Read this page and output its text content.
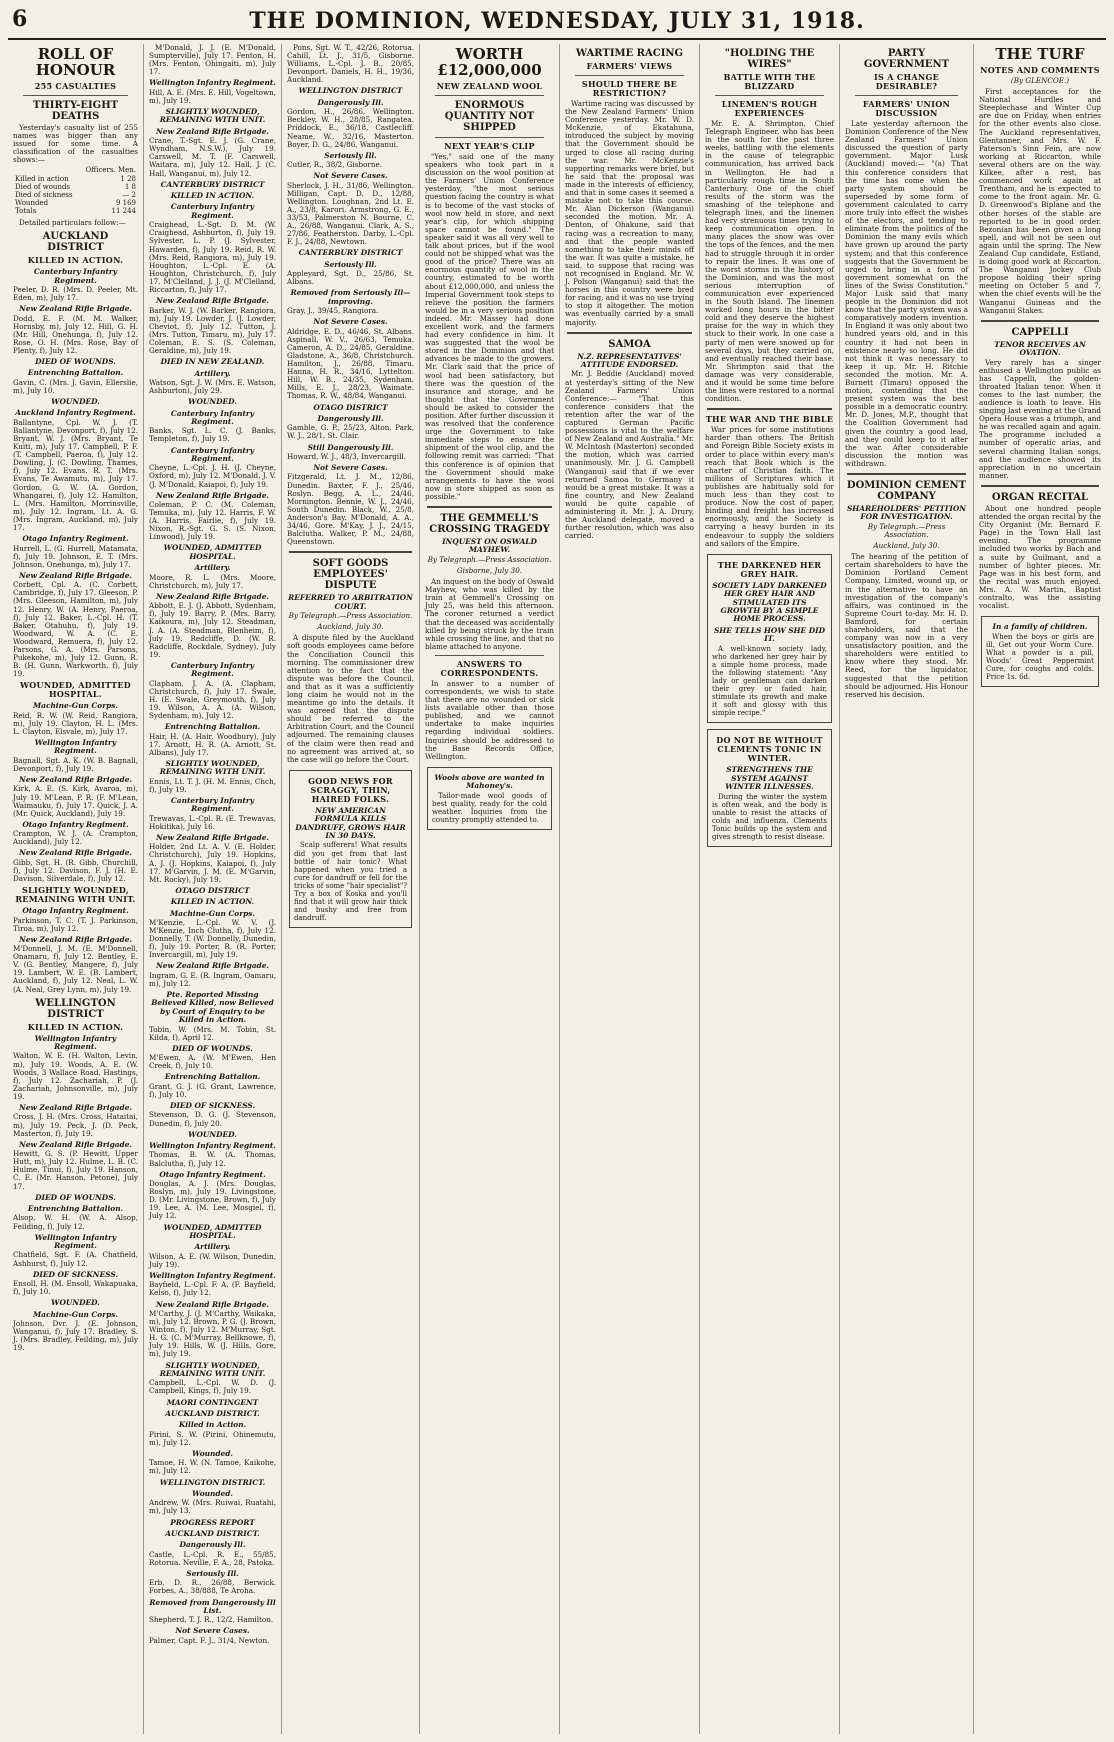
6	THE DOMINION, WEDNESDAY, JULY 31, 1918.
ROLL OF HONOUR
255 CASUALTIES
THIRTY-EIGHT DEATHS

Yesterday's casualty list of 255 names was bigger than any issued for some time. A classification of the casualties shows:—

	Officers. Men.
Killed in action	1 28
Died of wounds	1 8
Died of sickness	— 2
Wounded	9 169
Totals	11 244

Detailed particulars follow:—

AUCKLAND DISTRICT
KILLED IN ACTION.
Canterbury Infantry Regiment.

Peeler, D. R. (Mrs. D. Peeler, Mt. Eden, m), July 17.

New Zealand Rifle Brigade.

Dodd, E. F. (M. M. Walker, Hornsby, m), July 12. Hill, G. H. (Mr. Hill, Onehunga, f), July 12. Rose, O. H. (Mrs. Rose, Bay of Plenty, f), July 12.

DIED OF WOUNDS.
Entrenching Battalion.

Gavin, C. (Mrs. J. Gavin, Ellerslie, m), July 10.

WOUNDED.
Auckland Infantry Regiment.

Ballantyne, Cpl. W. J. (T. Ballantyne, Devonport, f), July 12. Bryant, W. J. (Mrs. Bryant, Te Kuiti, m), July 17. Campbell, P. F. (T. Campbell, Paeroa, f), July 12. Dowling, J. (C. Dowling, Thames, f), July 12. Evans, R. T. (Mrs. Evans, Te Awamutu, m), July 17. Gordon, G. W. (A. Gordon, Whangarei, f), July 12. Hamilton, L. (Mrs. Hamilton, Morrinsville, m), July 12. Ingram, Lt. A. G. (Mrs. Ingram, Auckland, m), July 17.

Otago Infantry Regiment.

Hurrell, L. (G. Hurrell, Matamata, f), July 19. Johnson, E. T. (Mrs. Johnson, Onehunga, m), July 17.

New Zealand Rifle Brigade.

Corbett, Cpl. A. (C. Corbett, Cambridge, f), July 17. Gleeson, P. (Mrs. Gleeson, Hamilton, m), July 12. Henry, W. (A. Henry, Paeroa, f), July 12. Baker, L.-Cpl. H. (T. Baker, Otahuhu, f), July 19. Woodward, W. A. (C. E. Woodward, Remuera, f), July 12. Parsons, G. A. (Mrs. Parsons, Pukekohe, m), July 12. Gunn, R. B. (H. Gunn, Warkworth, f), July 19.

WOUNDED, ADMITTED HOSPITAL.
Machine-Gun Corps.

Reid, R. W. (W. Reid, Rangiora, m), July 19. Clayton, H. L. (Mrs. L. Clayton, Elsvale, m), July 17.

Wellington Infantry Regiment.

Bagnall, Sgt. A. K. (W. B. Bagnall, Devonport, f), July 19.

New Zealand Rifle Brigade.

Kirk, A. E. (S. Kirk, Avaroa, m), July 19. M'Lean, P. R. (F. M'Lean, Waimauku, f), July 17. Quick, J. A. (Mr. Quick, Auckland), July 19.

Otago Infantry Regiment.

Crampton, W. J. (A. Crampton, Auckland), July 12.

New Zealand Rifle Brigade.

Gibb, Sgt. H. (R. Gibb, Churchill, f), July 12. Davison, F. J. (H. E. Davison, Silverdale, f), July 12.

SLIGHTLY WOUNDED, REMAINING WITH UNIT.
Otago Infantry Regiment.

Parkinson, T. C. (T. J. Parkinson, Tiroa, m), July 12.

New Zealand Rifle Brigade.

M'Donnell, J. M. (E. M'Donnell, Onamaru, f), July 12. Bentley, E. V. (G. Bentley, Mangere, f), July 19. Lambert, W. E. (B. Lambert, Auckland, f), July 12. Neal, L. W. (A. Neal, Grey Lynn, m), July 19.

WELLINGTON DISTRICT
KILLED IN ACTION.
Wellington Infantry Regiment.

Walton, W. E. (H. Walton, Levin, m), July 19. Woods, A. E. (W. Woods, 3 Wallace Road, Hastings, f), July 12. Zachariah, P. (J. Zachariah, Johnsonville, m), July 19.

New Zealand Rifle Brigade.

Cross, J. H. (Mrs. Cross, Hataitai, m), July 19. Peck, J. (D. Peck, Masterton, f), July 19.

New Zealand Rifle Brigade.

Hewitt, G. S. (P. Hewitt, Upper Hutt, m), July 12. Hulme, L. B. (C. Hulme, Tinui, f), July 19. Hanson, C. E. (Mr. Hanson, Petone), July 17.

DIED OF WOUNDS.
Entrenching Battalion.

Alsop, W. H. (W. A. Alsop, Feilding, f), July 12.

Wellington Infantry Regiment.

Chatfield, Sgt. F. (A. Chatfield, Ashhurst, f), July 12.

DIED OF SICKNESS.

Ensoll, H. (M. Ensoll, Wakapuaka, f), July 10.

WOUNDED.
Machine-Gun Corps.

Johnson, Dvr. J. (E. Johnson, Wanganui, f), July 17. Bradley, S. J. (Mrs. Bradley, Feilding, m), July 19.

M'Donald, J. J. (E. M'Donald, Sumpterville), July 17. Fenton, H. (Mrs. Fenton, Ohingaiti, m), July 17.

Wellington Infantry Regiment.

Hill, A. E. (Mrs. E. Hill, Vogeltown, m), July 19.

SLIGHTLY WOUNDED, REMAINING WITH UNIT.
New Zealand Rifle Brigade.

Crane, T.-Sgt. E. J. (G. Crane, Wyndham, N.S.W.), July 19. Carswell, M. T. (F. Carswell, Waitara, m), July 12. Hall, J. (C. Hall, Wanganui, m), July 12.

CANTERBURY DISTRICT
KILLED IN ACTION.
Canterbury Infantry Regiment.

Craighead, L.-Sgt. D. M. (W. Craighead, Ashburton, f), July 19. Sylvester, L. P. (J. Sylvester, Hawarden, f), July 19. Reid, R. W. (Mrs. Reid, Rangiora, m), July 19. Houghton, L.-Cpl. E. (A. Houghton, Christchurch, f), July 17. M'Clelland, J. J. (J. M'Clelland, Riccarton, f), July 17.

New Zealand Rifle Brigade.

Barker, W. J. (W. Barker, Rangiora, m), July 19. Lowder, J. (J. Lowder, Cheviot, f), July 12. Tutton, J. (Mrs. Tutton, Timaru, m), July 17. Coleman, E. S. (S. Coleman, Geraldine, m), July 19.

DIED IN NEW ZEALAND.
Artillery.

Watson, Sgt. J. W. (Mrs. E. Watson, Ashburton), July 29.

WOUNDED.
Canterbury Infantry Regiment.

Banks, Sgt. L. C. (J. Banks, Templeton, f), July 19.

Canterbury Infantry Regiment.

Cheyne, L.-Cpl. J. H. (J. Cheyne, Oxford, m), July 12. M'Donald, J. V. (J. M'Donald, Kaiapoi, f), July 19.

New Zealand Rifle Brigade.

Coleman, P. C. (M. Coleman, Temuka, m), July 12. Harris, F. W. (A. Harris, Fairlie, f), July 19. Nixon, R.-Sgt. G. S. (S. Nixon, Linwood), July 19.

WOUNDED, ADMITTED HOSPITAL.
Artillery.

Moore, R. L. (Mrs. Moore, Christchurch, m), July 17.

New Zealand Rifle Brigade.

Abbott, E. J. (J. Abbott, Sydenham, f), July 19. Barry, P. (Mrs. Barry, Kaikoura, m), July 12. Steadman, J. A. (A. Steadman, Blenheim, f), July 19. Redcliffe, D. (W. R. Radcliffe, Rockdale, Sydney), July 19.

Canterbury Infantry Regiment.

Clapham, J. A. (A. Clapham, Christchurch, f), July 17. Swale, H. (E. Swale, Greymouth, f), July 19. Wilson, A. A. (A. Wilson, Sydenham, m), July 12.

Entrenching Battalion.

Hair, H. (A. Hair, Woodbury), July 17. Arnott, H. R. (A. Arnott, St. Albans), July 17.

SLIGHTLY WOUNDED, REMAINING WITH UNIT.

Ennis, Lt. T. J. (H. M. Ennis, Chch, f), July 19.

Canterbury Infantry Regiment.

Trewavas, L.-Cpl. R. (E. Trewavas, Hokitika), July 16.

New Zealand Rifle Brigade.

Holder, 2nd Lt. A. V. (E. Holder, Christchurch), July 19. Hopkins, A. J. (J. Hopkins, Kaiapoi, f), July 17. M'Garvin, J. M. (E. M'Garvin, Mt. Rocky), July 19.

OTAGO DISTRICT
KILLED IN ACTION.
Machine-Gun Corps.

M'Kenzie, L.-Cpl. W. V. (J. M'Kenzie, Inch Clutha, f), July 12. Donnelly, T. (W. Donnelly, Dunedin, f), July 19. Porter, R. (R. Porter, Invercargill, m), July 19.

New Zealand Rifle Brigade.

Ingram, G. E. (R. Ingram, Oamaru, m), July 12.

Pte. Reported Missing Believed Killed, now Believed by Court of Enquiry to be Killed in Action.

Tobin, W. (Mrs. M. Tobin, St. Kilda, f), April 12.

DIED OF WOUNDS.

M'Ewen, A. (W. M'Ewen, Hen Creek, f), July 10.

Entrenching Battalion.

Grant, G. J. (G. Grant, Lawrence, f), July 10.

DIED OF SICKNESS.

Stevenson, D. G. (J. Stevenson, Dunedin, f), July 20.

WOUNDED.
Wellington Infantry Regiment.

Thomas, B. W. (A. Thomas, Balclutha, f), July 12.

Otago Infantry Regiment.

Douglas, A. J. (Mrs. Douglas, Roslyn, m), July 19. Livingstone, D. (Mr. Livingstone, Brown, f), July 19. Lee, A. (M. Lee, Mosgiel, f), July 12.

WOUNDED, ADMITTED HOSPITAL.
Artillery.

Wilson, A. E. (W. Wilson, Dunedin, July 19).

Wellington Infantry Regiment.

Bayfield, L.-Cpl. F. A. (F. Bayfield, Kelso, f), July 12.

New Zealand Rifle Brigade.

M'Carthy, J. (J. M'Carthy, Waikaka, m), July 12. Brown, P. G. (J. Brown, Winton, f), July 12. M'Murray, Sgt. H. G. (C. M'Murray, Bellknowe, f), July 19. Hills, W. (J. Hills, Gore, m), July 19.

SLIGHTLY WOUNDED, REMAINING WITH UNIT.

Campbell, L.-Cpl. W. D. (J. Campbell, Kings, f), July 19.

MAORI CONTINGENT
AUCKLAND DISTRICT.
Killed in Action.

Pirini, S. W. (Pirini, Ohinemutu, m), July 12.

Wounded.

Tamoe, H. W. (N. Tamoe, Kaikohe, m), July 12.

WELLINGTON DISTRICT.
Wounded.

Andrew, W. (Mrs. Ruiwai, Ruatahi, m), July 13.

PROGRESS REPORT
AUCKLAND DISTRICT.
Dangerously Ill.

Castle, L.-Cpl. R. E., 55/85, Rotorua. Neville, F. A., 28, Patoka.

Seriously Ill.

Erb, D. R., 26/88, Berwick. Forbes, A., 38/888, Te Aroha.

Removed from Dangerously Ill List.

Shepherd, T. J. R., 12/2, Hamilton.

Not Severe Cases.

Palmer, Capt. F. J., 31/4, Newton.

Pons, Sgt. W. T., 42/26, Rotorua. Cahill, Lt. J., 31/5, Gisborne. Williams, L.-Cpl. J. B., 20/85, Devonport. Daniels, H. H., 19/36, Auckland.

WELLINGTON DISTRICT
Dangerously Ill.

Gordon, H., 26/86, Wellington. Beckley, W. H., 28/85, Rangatea. Priddock, E., 36/18, Castlecliff. Neame, W., 32/16, Masterton. Boyer, D. G., 24/86, Wanganui.

Seriously Ill.

Cutler, R., 38/2, Gisborne.

Not Severe Cases.

Sherlock, J. H., 31/86, Wellington. Milligan, Capt. D. D., 12/88, Wellington. Loughnan, 2nd Lt. E. A., 23/8, Karori. Armstrong, G. E., 33/53, Palmerston N. Bourne, C. A., 26/88, Wanganui. Clark, A. S., 27/86, Featherston. Darby, L.-Cpl. F. J., 24/88, Newtown.

CANTERBURY DISTRICT
Seriously Ill.

Appleyard, Sgt. D., 25/86, St. Albans.

Removed from Seriously Ill—improving.

Gray, J., 39/45, Rangiora.

Not Severe Cases.

Aldridge, E. D., 46/46, St. Albans. Aspinall, W. V., 26/63, Temuka. Cameron, A. D., 24/85, Geraldine. Gladstone, A., 36/8, Christchurch. Hamilton, J., 26/88, Timaru. Hanna, H. R., 34/16, Lyttelton. Hill, W. B., 24/35, Sydenham. Mills, E. J., 28/23, Waimate. Thomas, R. W., 48/84, Wanganui.

OTAGO DISTRICT
Dangerously Ill.

Gamble, G. P., 25/23, Alton. Park, W. J., 28/1, St. Clair.

Still Dangerously Ill.

Howard, W. J., 48/3, Invercargill.

Not Severe Cases.

Fitzgerald, Lt. J. M., 12/86, Dunedin. Baxter, F. J., 25/46, Roslyn. Begg, A. L., 24/46, Mornington. Bennie, W. J., 24/46, South Dunedin. Black, W., 25/8, Anderson's Bay. M'Donald, A. A., 34/46, Gore. M'Kay, J. J., 24/15, Balclutha. Walker, P. M., 24/88, Queenstown.

SOFT GOODS EMPLOYEES' DISPUTE
REFERRED TO ARBITRATION COURT.
By Telegraph.—Press Association.
Auckland, July 30.

A dispute filed by the Auckland soft goods employees came before the Conciliation Council this morning. The commissioner drew attention to the fact that the dispute was before the Council, and that as it was a sufficiently long claim he would not in the meantime go into the details. It was agreed that the dispute should be referred to the Arbitration Court, and the Council adjourned. The remaining clauses of the claim were then read and no agreement was arrived at, so the case will go before the Court.

GOOD NEWS FOR SCRAGGY, THIN, HAIRED FOLKS.
NEW AMERICAN FORMULA KILLS DANDRUFF, GROWS HAIR IN 30 DAYS.

Scalp sufferers! What results did you get from that last bottle of hair tonic? What happened when you tried a cure for dandruff or fell for the tricks of some "hair specialist"? Try a box of Koska and you'll find that it will grow hair thick and bushy and free from dandruff.

WORTH £12,000,000
NEW ZEALAND WOOL
ENORMOUS QUANTITY NOT SHIPPED
NEXT YEAR'S CLIP

"Yes," said one of the many speakers who took part in a discussion on the wool position at the Farmers' Union Conference yesterday, "the most serious question facing the country is what is to become of the vast stocks of wool now held in store, and next year's clip, for which shipping space cannot be found." The speaker said it was all very well to talk about prices, but if the wool could not be shipped what was the good of the price? There was an enormous quantity of wool in the country, estimated to be worth about £12,000,000, and unless the Imperial Government took steps to relieve the position the farmers would be in a very serious position indeed. Mr. Massey had done excellent work, and the farmers had every confidence in him. It was suggested that the wool be stored in the Dominion and that advances be made to the growers. Mr. Clark said that the price of wool had been satisfactory, but there was the question of the insurance and storage, and he thought that the Government should be asked to consider the position. After further discussion it was resolved that the conference urge the Government to take immediate steps to ensure the shipment of the wool clip, and the following remit was carried: "That this conference is of opinion that the Government should make arrangements to have the wool now in store shipped as soon as possible."

THE GEMMELL'S CROSSING TRAGEDY
INQUEST ON OSWALD MAYHEW.
By Telegraph.—Press Association.
Gisborne, July 30.

An inquest on the body of Oswald Mayhew, who was killed by the train at Gemmell's Crossing on July 25, was held this afternoon. The coroner returned a verdict that the deceased was accidentally killed by being struck by the train while crossing the line, and that no blame attached to anyone.

ANSWERS TO CORRESPONDENTS.

In answer to a number of correspondents, we wish to state that there are no wounded or sick lists available other than those published, and we cannot undertake to make inquiries regarding individual soldiers. Inquiries should be addressed to the Base Records Office, Wellington.

Wools above are wanted in Mahoney's.

Tailor-made wool goods of best quality, ready for the cold weather. Inquiries from the country promptly attended to.

WARTIME RACING
FARMERS' VIEWS
SHOULD THERE BE RESTRICTION?

Wartime racing was discussed by the New Zealand Farmers' Union Conference yesterday. Mr. W. D. McKenzie, of Ekatahuna, introduced the subject by moving that the Government should be urged to close all racing during the war. Mr. McKenzie's supporting remarks were brief, but he said that the proposal was made in the interests of efficiency, and that in some cases it seemed a mistake not to take this course. Mr. Alan Dickerson (Wanganui) seconded the motion. Mr. A. Denton, of Ohakune, said that racing was a recreation to many, and that the people wanted something to take their minds off the war. It was quite a mistake, he said, to suppose that racing was not recognised in England. Mr. W. J. Polson (Wanganui) said that the horses in this country were bred for racing, and it was no use trying to stop it altogether. The motion was eventually carried by a small majority.

SAMOA
N.Z. REPRESENTATIVES' ATTITUDE ENDORSED.

Mr. J. Beddie (Auckland) moved at yesterday's sitting of the New Zealand Farmers' Union Conference:— "That this conference considers that the retention after the war of the captured German Pacific possessions is vital to the welfare of New Zealand and Australia." Mr. W. McIntosh (Masterton) seconded the motion, which was carried unanimously. Mr. J. G. Campbell (Wanganui) said that if we ever returned Samoa to Germany it would be a great mistake. It was a fine country, and New Zealand would be quite capable of administering it. Mr. J. A. Drury, the Auckland delegate, moved a further resolution, which was also carried.

"HOLDING THE WIRES"
BATTLE WITH THE BLIZZARD
LINEMEN'S ROUGH EXPERIENCES

Mr. E. A. Shrimpton, Chief Telegraph Engineer, who has been in the south for the past three weeks, battling with the elements in the cause of telegraphic communication, has arrived back in Wellington. He had a particularly rough time in South Canterbury. One of the chief results of the storm was the smashing of the telephone and telegraph lines, and the linemen had very strenuous times trying to keep communication open. In many places the snow was over the tops of the fences, and the men had to struggle through it in order to repair the lines. It was one of the worst storms in the history of the Dominion, and was the most serious interruption of communication ever experienced in the South Island. The linemen worked long hours in the bitter cold and they deserve the highest praise for the way in which they stuck to their work. In one case a party of men were snowed up for several days, but they carried on, and eventually reached their base. Mr. Shrimpton said that the damage was very considerable, and it would be some time before the lines were restored to a normal condition.

THE WAR AND THE BIBLE

War prices for some institutions harder than others. The British and Foreign Bible Society exists in order to place within every man's reach that Book which is the charter of Christian faith. The millions of Scriptures which it publishes are habitually sold for much less than they cost to produce. Now the cost of paper, binding and freight has increased enormously, and the Society is carrying a heavy burden in its endeavour to supply the soldiers and sailors of the Empire.

THE DARKENED HER GREY HAIR.
SOCIETY LADY DARKENED HER GREY HAIR AND STIMULATED ITS GROWTH BY A SIMPLE HOME PROCESS.
SHE TELLS HOW SHE DID IT.

A well-known society lady, who darkened her grey hair by a simple home process, made the following statement: "Any lady or gentleman can darken their grey or faded hair, stimulate its growth and make it soft and glossy with this simple recipe."

DO NOT BE WITHOUT CLEMENTS TONIC IN WINTER.
STRENGTHENS THE SYSTEM AGAINST WINTER ILLNESSES.

During the winter the system is often weak, and the body is unable to resist the attacks of colds and influenza. Clements Tonic builds up the system and gives strength to resist disease.

PARTY GOVERNMENT
IS A CHANGE DESIRABLE?
FARMERS' UNION DISCUSSION

Late yesterday afternoon the Dominion Conference of the New Zealand Farmers' Union discussed the question of party government. Major Lusk (Auckland) moved:— "(a) That this conference considers that the time has come when the party system should be superseded by some form of government calculated to carry more truly into effect the wishes of the electors, and tending to eliminate from the politics of the Dominion the many evils which have grown up around the party system; and that this conference suggests that the Government be urged to bring in a form of government somewhat on the lines of the Swiss Constitution." Major Lusk said that many people in the Dominion did not know that the party system was a comparatively modern invention. In England it was only about two hundred years old, and in this country it had not been in existence nearly so long. He did not think it was necessary to keep it up. Mr. H. Ritchie seconded the motion. Mr. A. Burnett (Timaru) opposed the motion, contending that the present system was the best possible in a democratic country. Mr. D. Jones, M.P., thought that the Coalition Government had given the country a good lead, and they could keep to it after the war. After considerable discussion the motion was withdrawn.

DOMINION CEMENT COMPANY
SHAREHOLDERS' PETITION FOR INVESTIGATION.
By Telegraph.—Press Association.
Auckland, July 30.

The hearing of the petition of certain shareholders to have the Dominion Portland Cement Company, Limited, wound up, or in the alternative to have an investigation of the company's affairs, was continued in the Supreme Court to-day. Mr. H. D. Bamford, for certain shareholders, said that the company was now in a very unsatisfactory position, and the shareholders were entitled to know where they stood. Mr. Reed, for the liquidator, suggested that the petition should be adjourned. His Honour reserved his decision.

THE TURF
NOTES AND COMMENTS
(By GLENCOE.)

First acceptances for the National Hurdles and Steeplechase and Winter Cup are due on Friday, when entries for the other events also close. The Auckland representatives, Glentanner, and Mrs. W. F. Paterson's Sinn Fein, are now working at Riccarton, while several others are on the way. Kilkee, after a rest, has commenced work again at Trentham, and he is expected to come to the front again. Mr. G. D. Greenwood's Biplane and the other horses of the stable are reported to be in good order. Bezonian has been given a long spell, and will not be seen out again until the spring. The New Zealand Cup candidate, Estland, is doing good work at Riccarton. The Wanganui Jockey Club propose holding their spring meeting on October 5 and 7, when the chief events will be the Wanganui Guineas and the Wanganui Stakes.

CAPPELLI
TENOR RECEIVES AN OVATION.

Very rarely has a singer enthused a Wellington public as has Cappelli, the golden-throated Italian tenor. When it comes to the last number, the audience is loath to leave. His singing last evening at the Grand Opera House was a triumph, and he was recalled again and again. The programme included a number of operatic arias, and several charming Italian songs, and the audience showed its appreciation in no uncertain manner.

ORGAN RECITAL

About one hundred people attended the organ recital by the City Organist (Mr. Bernard F. Page) in the Town Hall last evening. The programme included two works by Bach and a suite by Guilmant, and a number of lighter pieces. Mr. Page was in his best form, and the recital was much enjoyed. Mrs. A. W. Martin, Baptist contralto, was the assisting vocalist.

In a family of children.

When the boys or girls are ill, Get out your Worm Cure. What a powder is a pill, Woods' Great Peppermint Cure, for coughs and colds. Price 1s. 6d.
